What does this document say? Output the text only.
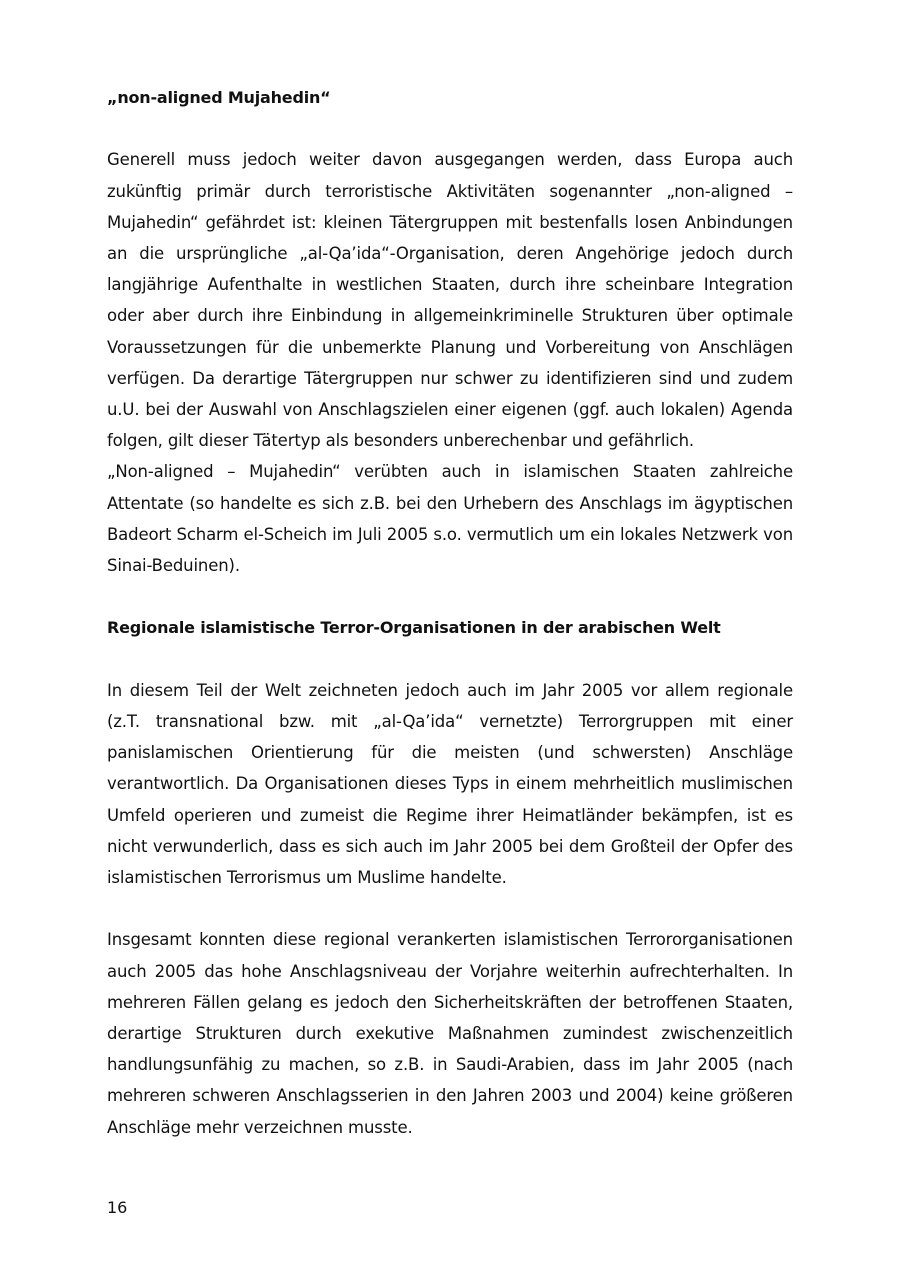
„non-aligned Mujahedin“

Generell muss jedoch weiter davon ausgegangen werden, dass Europa auch zukünftig primär durch terroristische Aktivitäten sogenannter „non-aligned – Mujahedin“ gefährdet ist: kleinen Tätergruppen mit bestenfalls losen Anbindungen an die ursprüngliche „al-Qa’ida“-Organisation, deren Angehörige jedoch durch langjährige Aufenthalte in westlichen Staaten, durch ihre scheinbare Integration oder aber durch ihre Einbindung in allgemeinkriminelle Strukturen über optimale Voraussetzungen für die unbemerkte Planung und Vorbereitung von Anschlägen verfügen. Da derartige Tätergruppen nur schwer zu identifizieren sind und zudem u.U. bei der Auswahl von Anschlagszielen einer eigenen (ggf. auch lokalen) Agenda folgen, gilt dieser Tätertyp als besonders unberechenbar und gefährlich.

„Non-aligned – Mujahedin“ verübten auch in islamischen Staaten zahlreiche Attentate (so handelte es sich z.B. bei den Urhebern des Anschlags im ägyptischen Badeort Scharm el-Scheich im Juli 2005 s.o. vermutlich um ein lokales Netzwerk von Sinai-Beduinen).

Regionale islamistische Terror-Organisationen in der arabischen Welt

In diesem Teil der Welt zeichneten jedoch auch im Jahr 2005 vor allem regionale (z.T. transnational bzw. mit „al-Qa’ida“ vernetzte) Terrorgruppen mit einer panislamischen Orientierung für die meisten (und schwersten) Anschläge verantwortlich. Da Organisationen dieses Typs in einem mehrheitlich muslimischen Umfeld operieren und zumeist die Regime ihrer Heimatländer bekämpfen, ist es nicht verwunderlich, dass es sich auch im Jahr 2005 bei dem Großteil der Opfer des islamistischen Terrorismus um Muslime handelte.

Insgesamt konnten diese regional verankerten islamistischen Terrororganisationen auch 2005 das hohe Anschlagsniveau der Vorjahre weiterhin aufrechterhalten. In mehreren Fällen gelang es jedoch den Sicherheitskräften der betroffenen Staaten, derartige Strukturen durch exekutive Maßnahmen zumindest zwischenzeitlich handlungsunfähig zu machen, so z.B. in Saudi-Arabien, dass im Jahr 2005 (nach mehreren schweren Anschlagsserien in den Jahren 2003 und 2004) keine größeren Anschläge mehr verzeichnen musste.

16
